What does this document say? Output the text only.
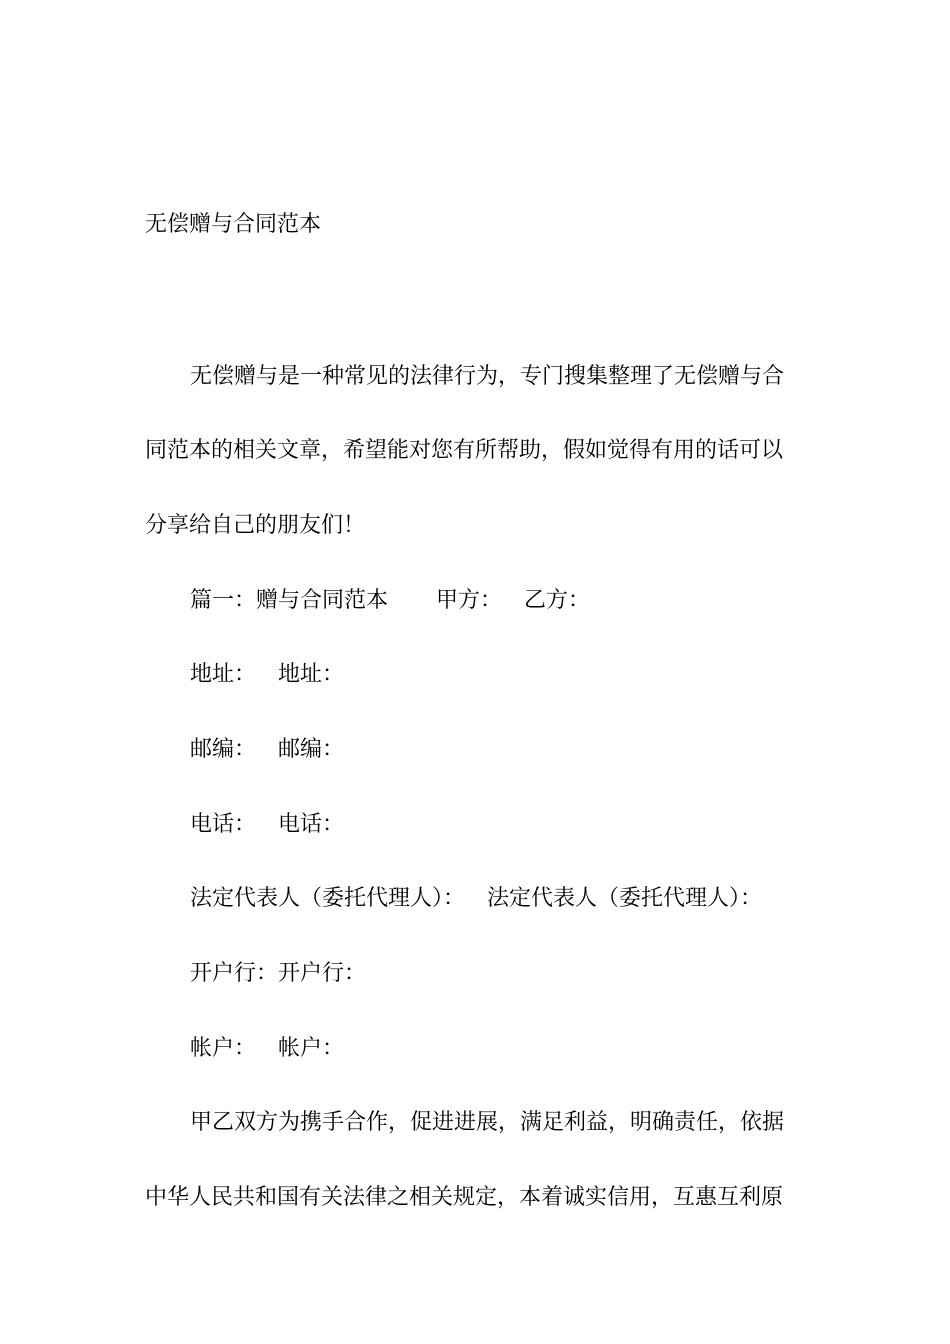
无偿赠与合同范本
无偿赠与是一种常见的法律行为，专门搜集整理了无偿赠与合
同范本的相关文章，希望能对您有所帮助，假如觉得有用的话可以
分享给自己的朋友们！
篇一：赠与合同范本 甲方： 乙方：
地址： 地址：
邮编： 邮编：
电话： 电话：
法定代表人（委托代理人）： 法定代表人（委托代理人）：
开户行：开户行：
帐户： 帐户：
甲乙双方为携手合作，促进进展，满足利益，明确责任，依据
中华人民共和国有关法律之相关规定，本着诚实信用，互惠互利原
